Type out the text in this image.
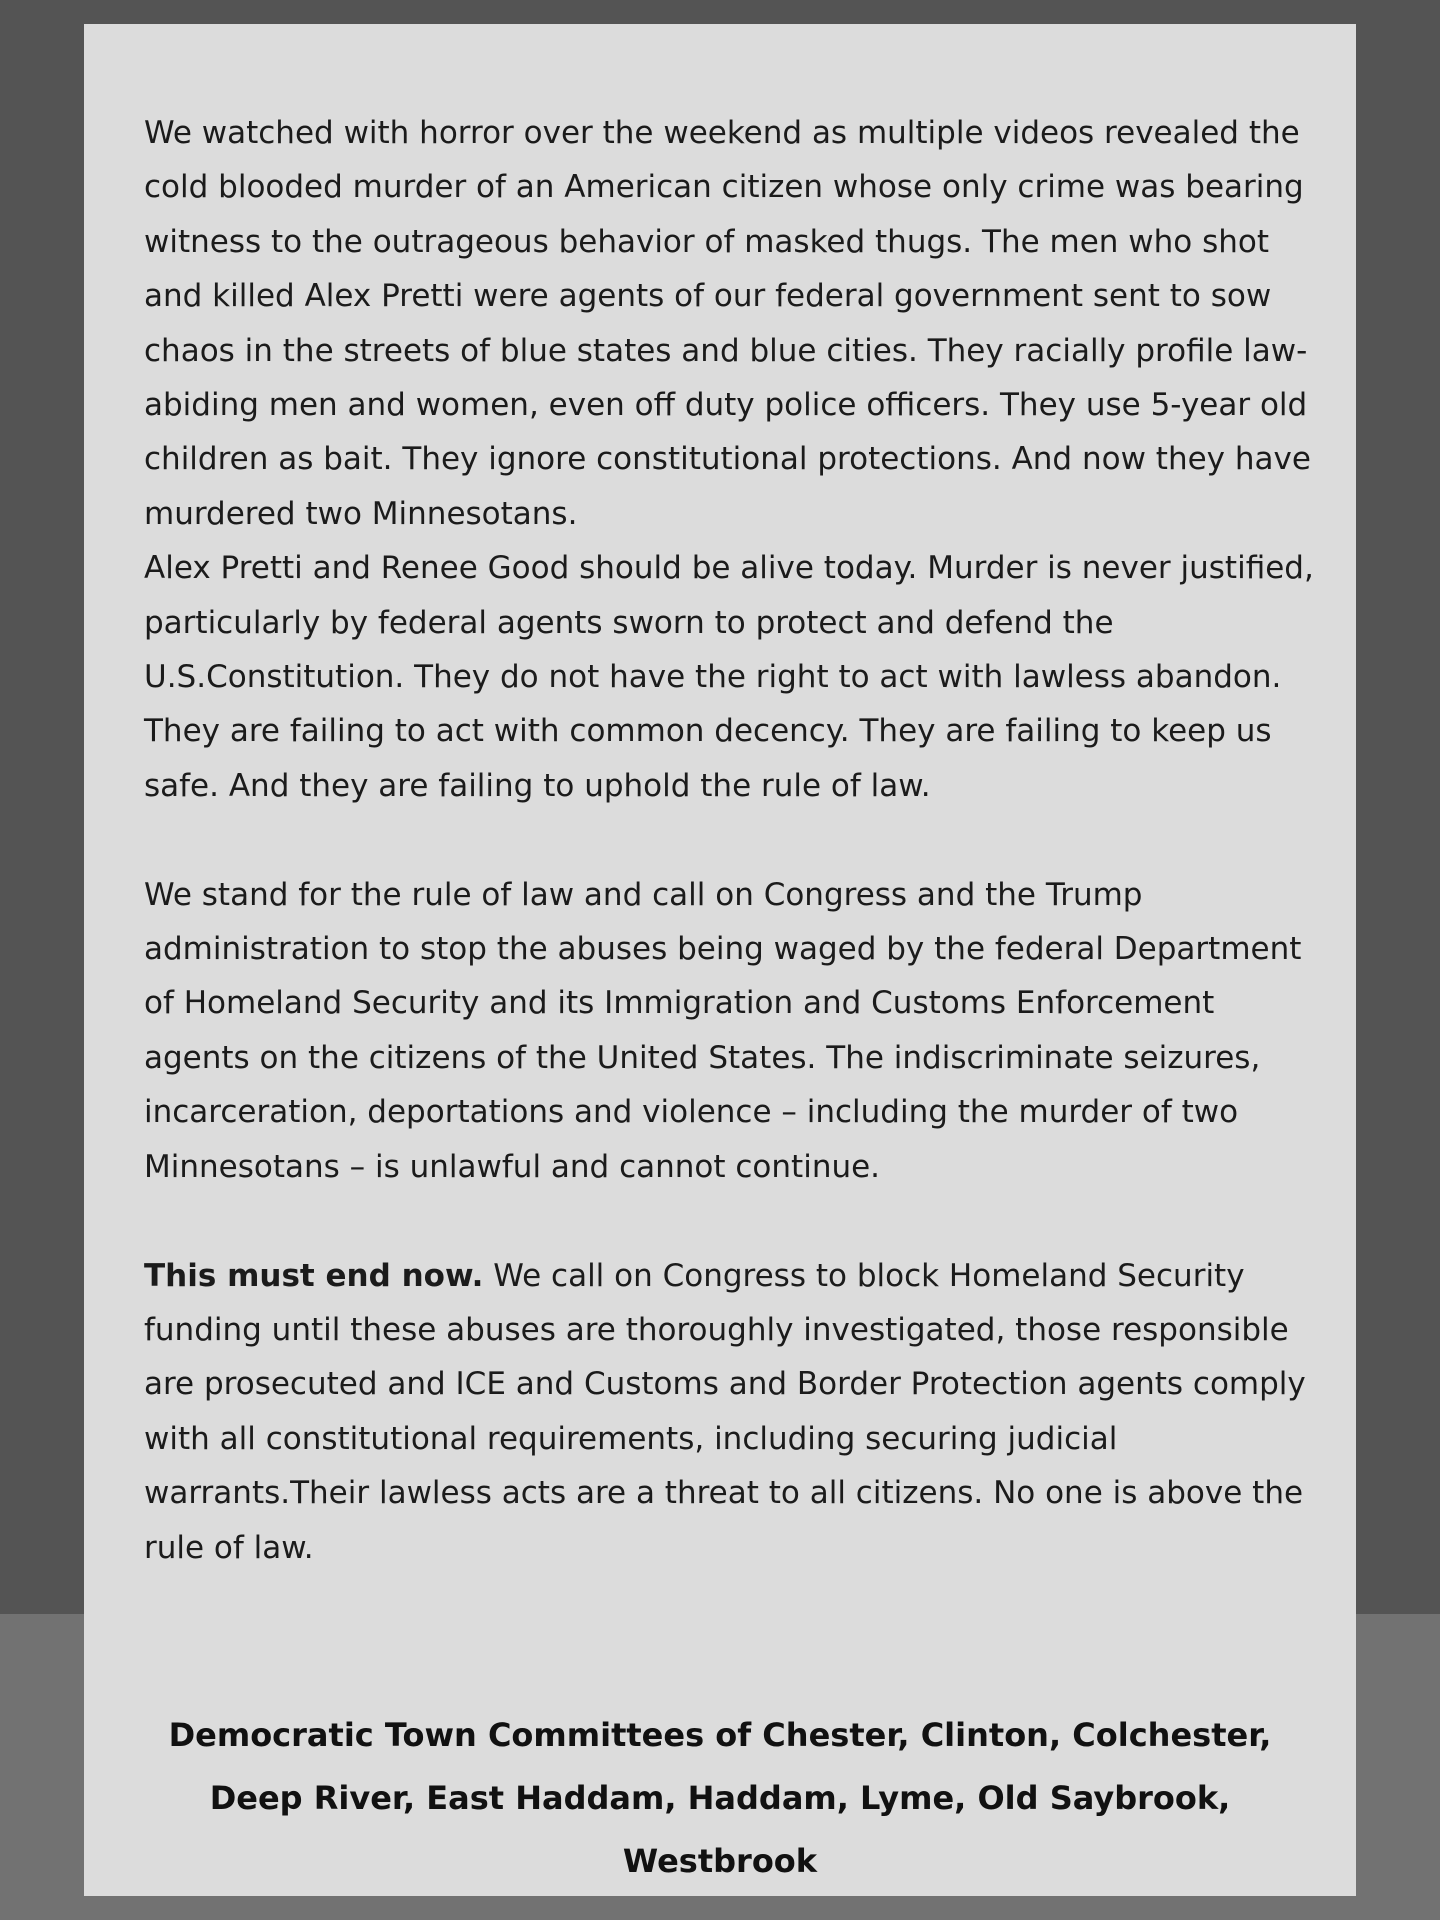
We watched with horror over the weekend as multiple videos revealed the cold blooded murder of an American citizen whose only crime was bearing witness to the outrageous behavior of masked thugs. The men who shot and killed Alex Pretti were agents of our federal government sent to sow chaos in the streets of blue states and blue cities. They racially profile law-abiding men and women, even off duty police officers. They use 5-year old children as bait. They ignore constitutional protections. And now they have murdered two Minnesotans.

Alex Pretti and Renee Good should be alive today. Murder is never justified, particularly by federal agents sworn to protect and defend the U.S.Constitution. They do not have the right to act with lawless abandon. They are failing to act with common decency. They are failing to keep us safe. And they are failing to uphold the rule of law.

We stand for the rule of law and call on Congress and the Trump administration to stop the abuses being waged by the federal Department of Homeland Security and its Immigration and Customs Enforcement agents on the citizens of the United States. The indiscriminate seizures, incarceration, deportations and violence – including the murder of two Minnesotans – is unlawful and cannot continue.

This must end now. We call on Congress to block Homeland Security funding until these abuses are thoroughly investigated, those responsible are prosecuted and ICE and Customs and Border Protection agents comply with all constitutional requirements, including securing judicial warrants.Their lawless acts are a threat to all citizens. No one is above the rule of law.

Democratic Town Committees of Chester, Clinton, Colchester, Deep River, East Haddam, Haddam, Lyme, Old Saybrook, Westbrook
